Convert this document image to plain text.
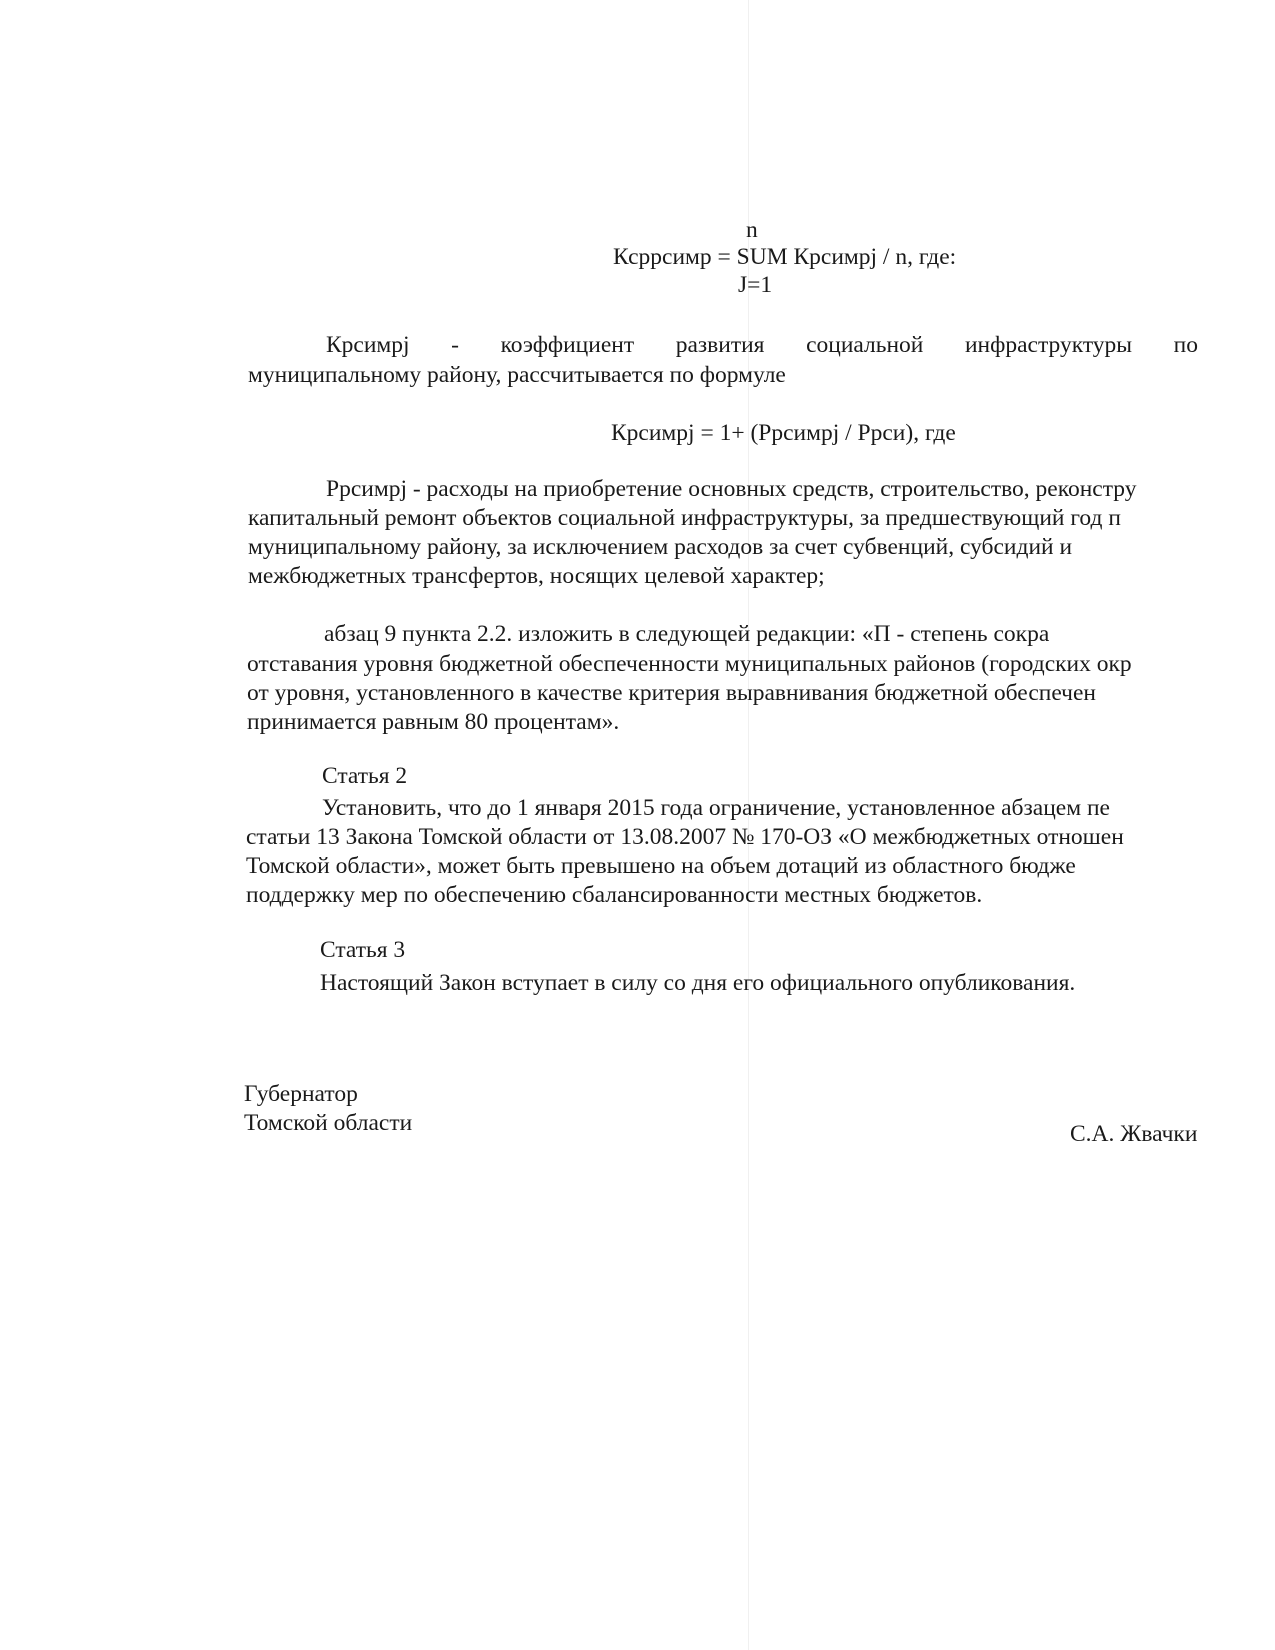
n
Ксррсимр = SUM Крсимрj / n, где:
J=1
Крсимрj - коэффициент развития социальной инфраструктуры по
муниципальному району, рассчитывается по формуле
Крсимрj = 1+ (Ррсимрj / Ррси), где
Ррсимрj - расходы на приобретение основных средств, строительство, реконстру
капитальный ремонт объектов социальной инфраструктуры, за предшествующий год п
муниципальному району, за исключением расходов за счет субвенций, субсидий и
межбюджетных трансфертов, носящих целевой характер;
абзац 9 пункта 2.2. изложить в следующей редакции: «П - степень сокра
отставания уровня бюджетной обеспеченности муниципальных районов (городских окр
от уровня, установленного в качестве критерия выравнивания бюджетной обеспечен
принимается равным 80 процентам».
Статья 2
Установить, что до 1 января 2015 года ограничение, установленное абзацем пе
статьи 13 Закона Томской области от 13.08.2007 № 170-ОЗ «О межбюджетных отношен
Томской области», может быть превышено на объем дотаций из областного бюдже
поддержку мер по обеспечению сбалансированности местных бюджетов.
Статья 3
Настоящий Закон вступает в силу со дня его официального опубликования.
Губернатор
Томской области	С.А. Жвачки
